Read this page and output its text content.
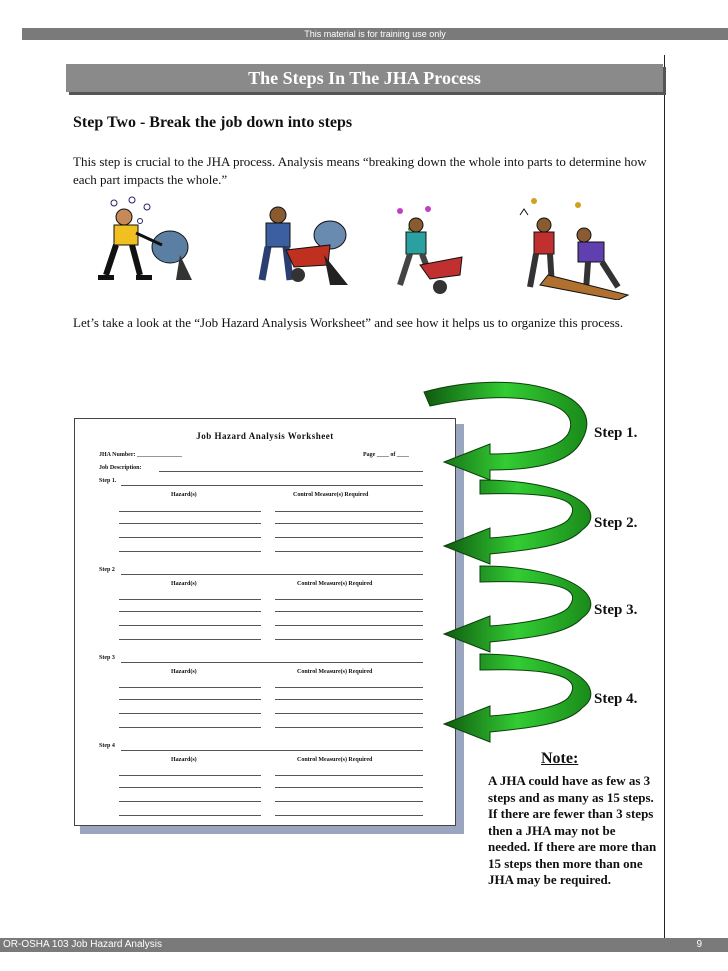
This material is for training use only
The Steps In The JHA Process
Step Two - Break the job down into steps
This step is crucial to the JHA process. Analysis means “breaking down the whole into parts to determine how each part impacts the whole.”
Let’s take a look at the “Job Hazard Analysis Worksheet” and see how it helps us to organize this process.
Job Hazard Analysis Worksheet
JHA Number: _______________	Page ____ of ____
Job Description:
Step 1.
Hazard(s)	Control Measure(s) Required
Step 2
Hazard(s)	Control Measure(s) Required
Step 3
Hazard(s)	Control Measure(s) Required
Step 4
Hazard(s)	Control Measure(s) Required
Step 1.
Step 2.
Step 3.
Step 4.
Note:
A JHA could have as few as 3 steps and as many as 15 steps. If there are fewer than 3 steps then a JHA may not be needed. If there are more than 15 steps then more than one JHA may be required.
OR-OSHA 103 Job Hazard Analysis	9
